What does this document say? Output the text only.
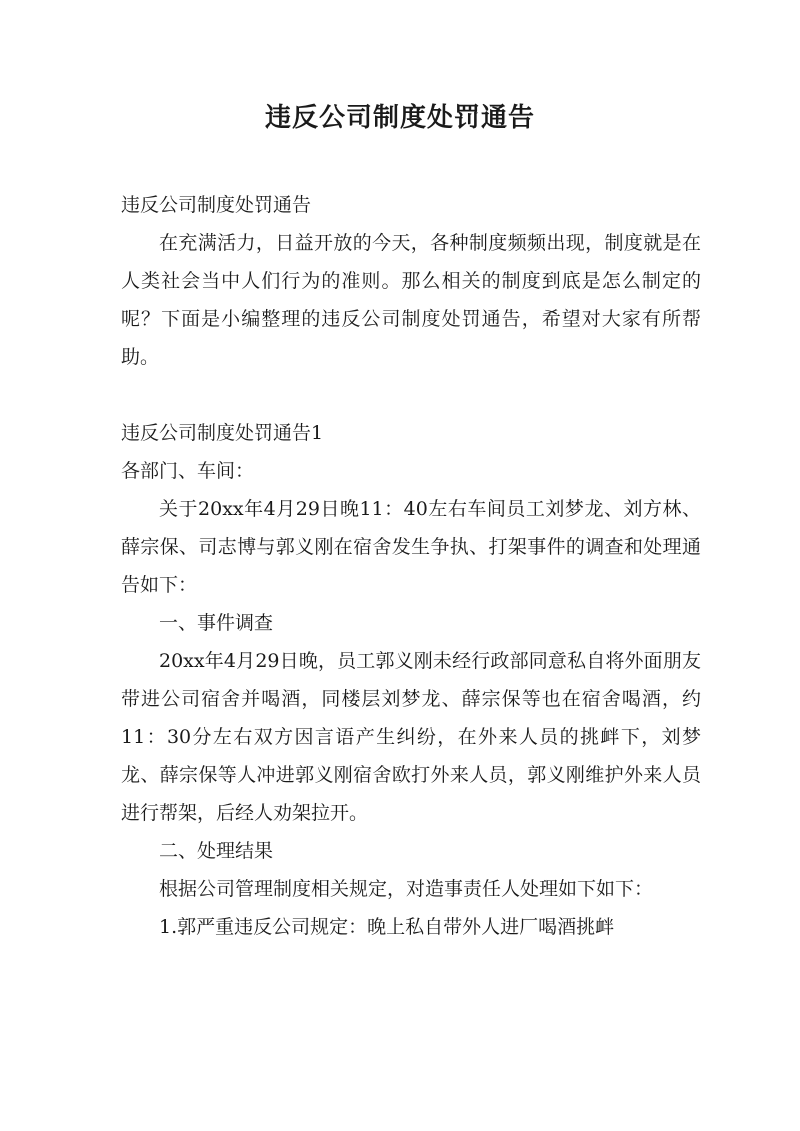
违反公司制度处罚通告

违反公司制度处罚通告

在充满活力，日益开放的今天，各种制度频频出现，制度就是在人类社会当中人们行为的准则。那么相关的制度到底是怎么制定的呢？下面是小编整理的违反公司制度处罚通告，希望对大家有所帮助。

违反公司制度处罚通告1

各部门、车间：

关于20xx年4月29日晚11：40左右车间员工刘梦龙、刘方林、薛宗保、司志博与郭义刚在宿舍发生争执、打架事件的调查和处理通告如下：

一、事件调查

20xx年4月29日晚，员工郭义刚未经行政部同意私自将外面朋友带进公司宿舍并喝酒，同楼层刘梦龙、薛宗保等也在宿舍喝酒，约11：30分左右双方因言语产生纠纷，在外来人员的挑衅下，刘梦龙、薛宗保等人冲进郭义刚宿舍欧打外来人员，郭义刚维护外来人员进行帮架，后经人劝架拉开。

二、处理结果

根据公司管理制度相关规定，对造事责任人处理如下如下：

1.郭严重违反公司规定：晚上私自带外人进厂喝酒挑衅
